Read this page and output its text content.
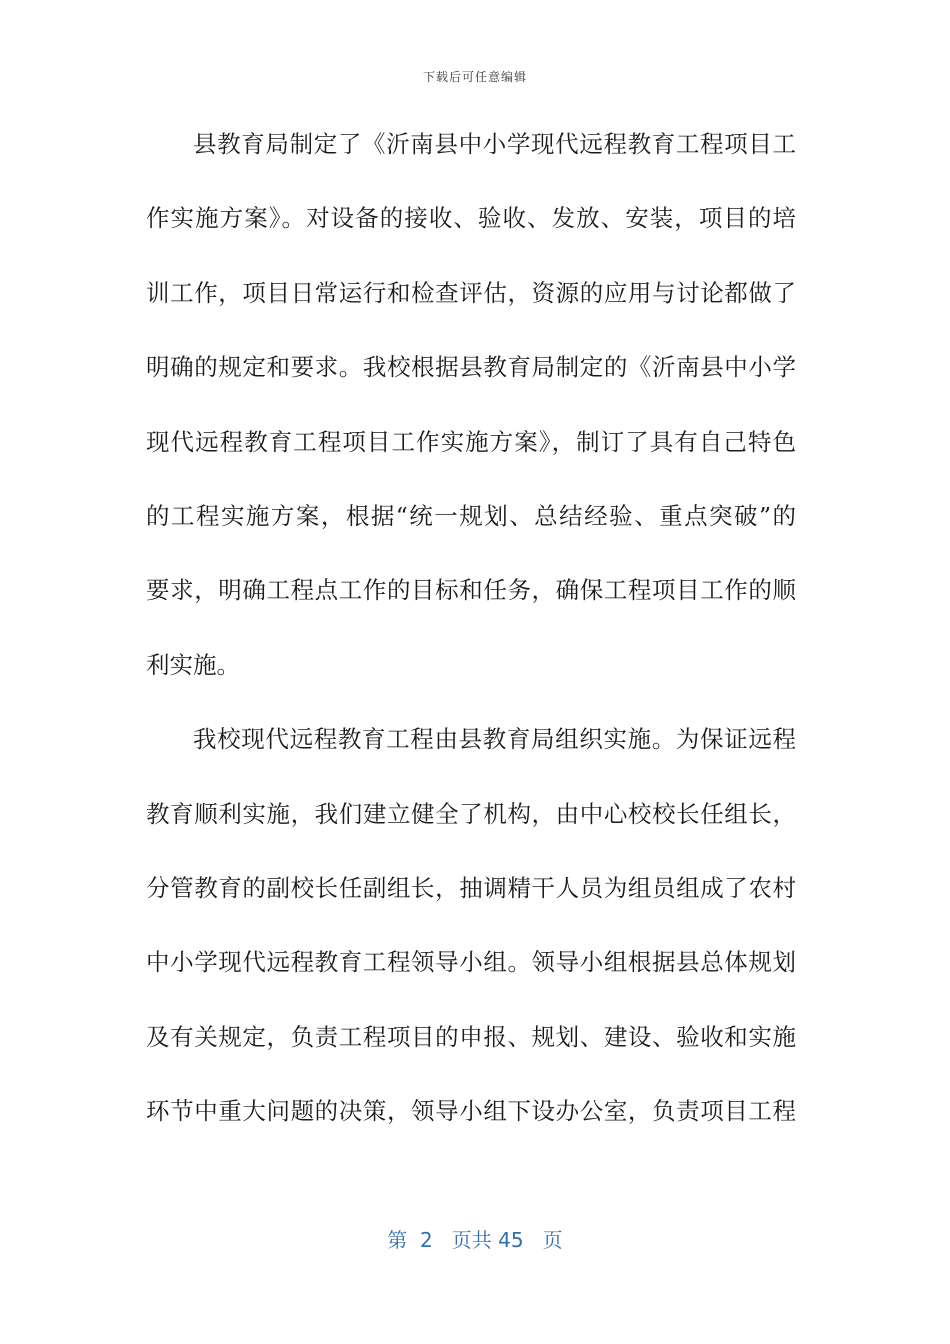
下载后可任意编辑
县教育局制定了《沂南县中小学现代远程教育工程项目工
作实施方案》。对设备的接收、验收、发放、安装，项目的培
训工作，项目日常运行和检查评估，资源的应用与讨论都做了
明确的规定和要求。我校根据县教育局制定的《沂南县中小学
现代远程教育工程项目工作实施方案》，制订了具有自己特色
的工程实施方案，根据“统一规划、总结经验、重点突破”的
要求，明确工程点工作的目标和任务，确保工程项目工作的顺
利实施。
我校现代远程教育工程由县教育局组织实施。为保证远程
教育顺利实施，我们建立健全了机构，由中心校校长任组长，
分管教育的副校长任副组长，抽调精干人员为组员组成了农村
中小学现代远程教育工程领导小组。领导小组根据县总体规划
及有关规定，负责工程项目的申报、规划、建设、验收和实施
环节中重大问题的决策，领导小组下设办公室，负责项目工程
第  2   页共 45   页
